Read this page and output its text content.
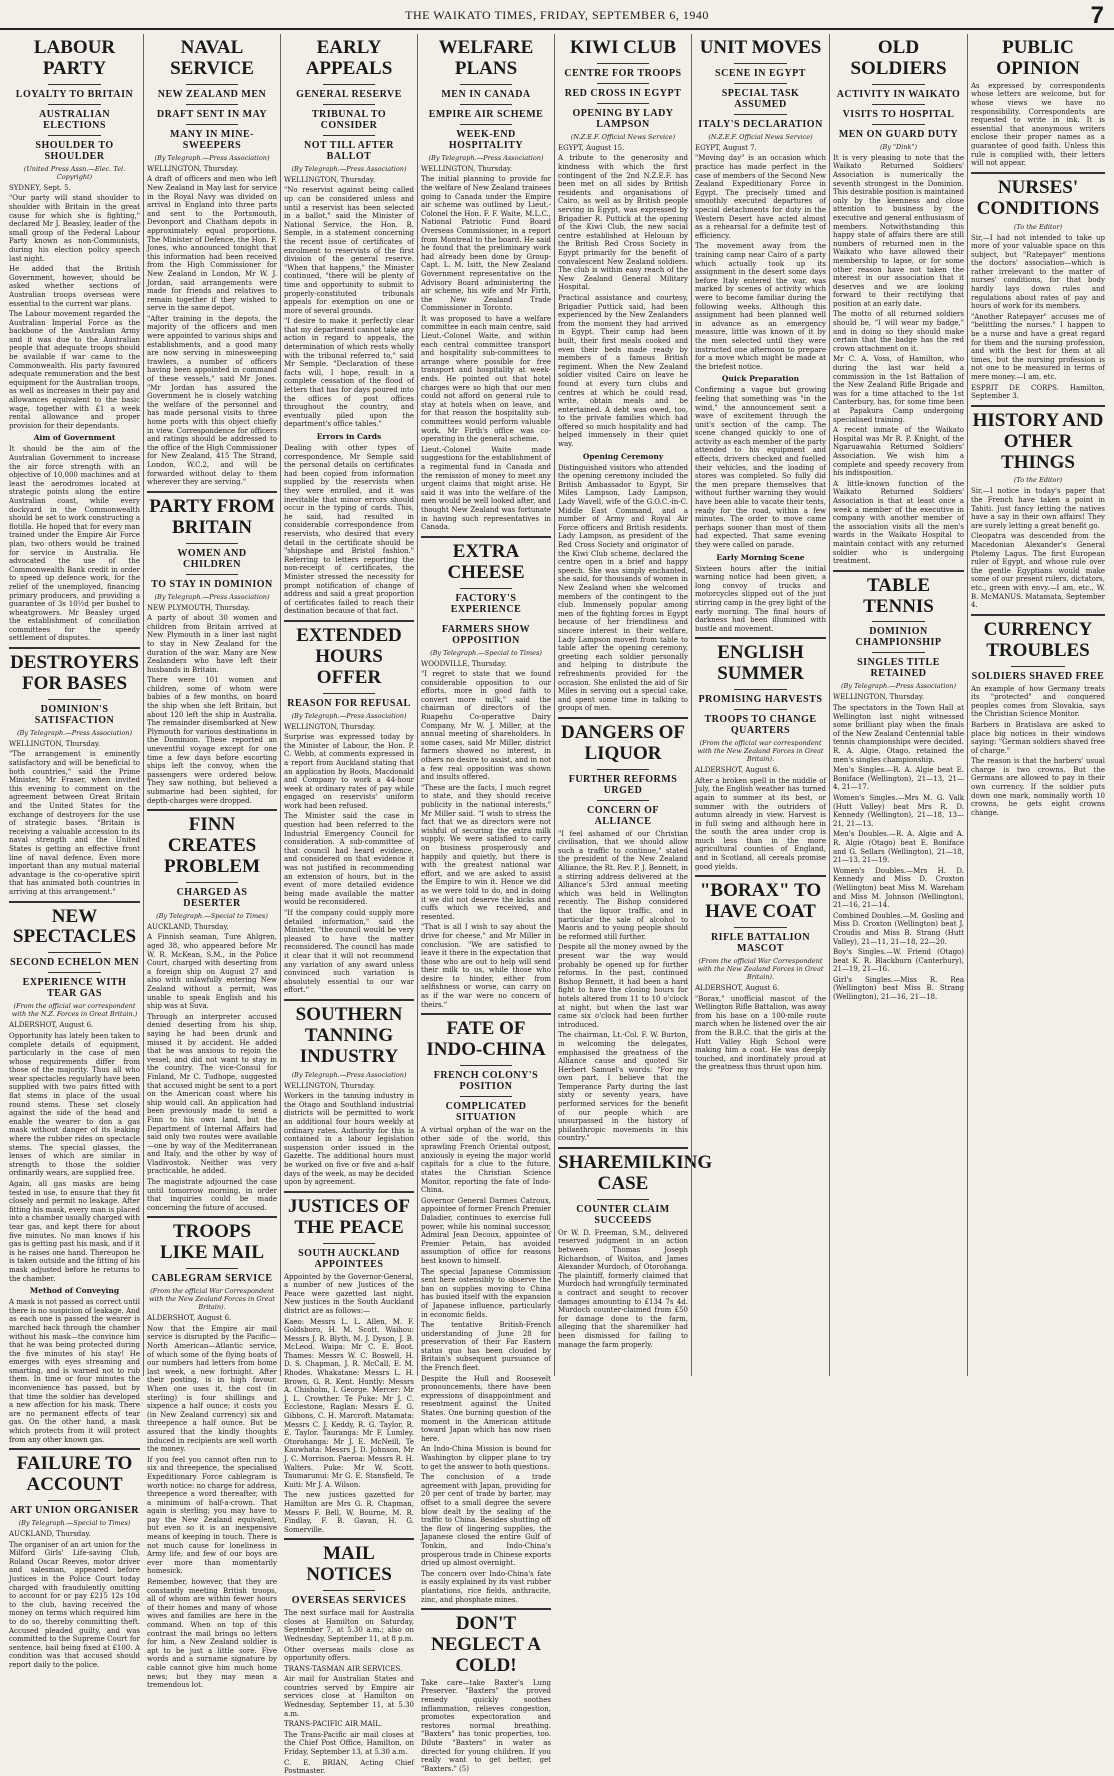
THE WAIKATO TIMES, FRIDAY, SEPTEMBER 6, 1940	7
LABOUR PARTY
LOYALTY TO BRITAIN
AUSTRALIAN ELECTIONS
SHOULDER TO SHOULDER
(United Press Assn.—Elec. Tel. Copyright)

SYDNEY, Sept. 5.

"Our party will stand shoulder to shoulder with Britain in the great cause for which she is fighting," declared Mr J. Beasley, leader of the small group of the Federal Labour Party known as non-Communists, during his election policy speech last night.

He added that the British Government, however, should be asked whether sections of Australian troops overseas were essential to the current war plans.

The Labour movement regarded the Australian Imperial Force as the backbone of the Australian Army and it was due to the Australian people that adequate troops should be available if war came to the Commonwealth. His party favoured adequate remuneration and the best equipment for the Australian troops, as well as increases in their pay and allowances equivalent to the basic wage, together with £1 a week rental allowance and proper provision for their dependants.

Aim of Government

It should be the aim of the Australian Government to increase the air force strength with an objective of 10,000 machines and at least the aerodromes located at strategic points along the entire Australian coast, while every dockyard in the Commonwealth should be set to work constructing a flotilla. He hoped that for every man trained under the Empire Air Force plan, two others would be trained for service in Australia. He advocated the use of the Commonwealth Bank credit in order to speed up defence work, for the relief of the unemployed, financing primary producers, and providing a guarantee of 3s 10½d per bushel to wheatgrowers. Mr Beasley urged the establishment of conciliation committees for the speedy settlement of disputes.

DESTROYERS FOR BASES
DOMINION'S SATISFACTION
(By Telegraph.—Press Association)

WELLINGTON, Thursday.

"The arrangement is eminently satisfactory and will be beneficial to both countries," said the Prime Minister, Mr Fraser, when invited this evening to comment on the agreement between Great Britain and the United States for the exchange of destroyers for the use of strategic bases. "Britain is receiving a valuable accession to its naval strength and the United States is getting an effective front line of naval defence. Even more important than any mutual material advantage is the co-operative spirit that has animated both countries in arriving at this arrangement."

NEW SPECTACLES
SECOND ECHELON MEN
EXPERIENCE WITH TEAR GAS
(From the official war correspondent with the N.Z. Forces in Great Britain.)

ALDERSHOT, August 6.

Opportunity has lately been taken to complete details of equipment, particularly in the case of men whose requirements differ from those of the majority. Thus all who wear spectacles regularly have been supplied with two pairs fitted with flat stems in place of the usual round stems. These set closely against the side of the head and enable the wearer to don a gas mask without danger of its leaking where the rubber rides on spectacle stems. The special glasses, the lenses of which are similar in strength to those the soldier ordinarily wears, are supplied free.

Again, all gas masks are being tested in use, to ensure that they fit closely and permit no leakage. After fitting his mask, every man is placed into a chamber usually charged with tear gas, and kept there for about five minutes. No man knows if his gas is getting past his mask, and if it is he raises one hand. Thereupon he is taken outside and the fitting of his mask adjusted before he returns to the chamber.

Method of Conveying

A mask is not passed as correct until there is no suspicion of leakage. And as each one is passed the wearer is marched back through the chamber without his mask—the convince him that he was being protected during the five minutes of his stay! He emerges with eyes streaming and smarting, and is warned not to rub them. In time or four minutes the inconvenience has passed, but by that time the soldier has developed a new affection for his mask. There are no permanent effects of tear gas. On the other hand, a mask which protects from it will protect from any other known gas.

FAILURE TO ACCOUNT
ART UNION ORGANISER
(By Telegraph.—Special to Times)

AUCKLAND, Thursday.

The organiser of an art union for the Milford Girls' Life-saving Club, Roland Oscar Reeves, motor driver and salesman, appeared before Justices in the Police Court today charged with fraudulently omitting to account for or pay £215 12s 10d to the club, having received the money on terms which required him to do so, thereby committing theft. Accused pleaded guilty, and was committed to the Supreme Court for sentence, bail being fixed at £100. A condition was that accused should report daily to the police.

NAVAL SERVICE
NEW ZEALAND MEN
DRAFT SENT IN MAY
MANY IN MINE-SWEEPERS
(By Telegraph.—Press Association)

WELLINGTON, Thursday.

A draft of officers and men who left New Zealand in May last for service in the Royal Navy was divided on arrival in England into three parts and sent to the Portsmouth, Devonport and Chatham depots in approximately equal proportions. The Minister of Defence, the Hon. F. Jones, who announced tonight that this information had been received from the High Commissioner for New Zealand in London, Mr W. J. Jordan, said arrangements were made for friends and relatives to remain together if they wished to serve in the same depot.

"After training in the depots, the majority of the officers and men were appointed to various ships and establishments, and a good many are now serving in minesweeping trawlers, a number of officers having been appointed in command of these vessels," said Mr Jones. "Mr Jordan has assured the Government he is closely watching the welfare of the personnel and has made personal visits to three home ports with this object chiefly in view. Correspondence for officers and ratings should be addressed to the office of the High Commissioner for New Zealand, 415 The Strand, London, W.C.2, and will be forwarded without delay to them wherever they are serving."

PARTY FROM BRITAIN
WOMEN AND CHILDREN
TO STAY IN DOMINION
(By Telegraph.—Press Association)

NEW PLYMOUTH, Thursday.

A party of about 30 women and children from Britain arrived at New Plymouth in a liner last night to stay in New Zealand for the duration of the war. Many are New Zealanders who have left their husbands in Britain.

There were 101 women and children, some of whom were babies of a few months, on board the ship when she left Britain, but about 120 left the ship in Australia. The remainder disembarked at New Plymouth for various destinations in the Dominion. These reported an uneventful voyage except for one time a few days before escorting ships left the convoy, when the passengers were ordered below. They saw nothing, but believed a submarine had been sighted, for depth-charges were dropped.

FINN CREATES PROBLEM
CHARGED AS DESERTER
(By Telegraph.—Special to Times)

AUCKLAND, Thursday.

A Finnish seaman, Ture Ahlgren, aged 38, who appeared before Mr W. R. McKean, S.M., in the Police Court, charged with deserting from a foreign ship on August 27 and also with unlawfully entering New Zealand without a permit, was unable to speak English and his ship was at Suva.

Through an interpreter accused denied deserting from his ship, saying he had been drunk and missed it by accident. He added that he was anxious to rejoin the vessel, and did not want to stay in the country. The vice-Consul for Finland, Mr C. Tudhope, suggested that accused might be sent to a port on the American coast where his ship would call. An application had been previously made to send a Finn to his own land, but the Department of Internal Affairs had said only two routes were available—one by way of the Mediterranean and Italy, and the other by way of Vladivostok. Neither was very practicable, he added.

The magistrate adjourned the case until tomorrow morning, in order that inquiries could be made concerning the future of accused.

TROOPS LIKE MAIL
CABLEGRAM SERVICE
(From the official War Correspondent with the New Zealand Forces in Great Britain).

ALDERSHOT, August 6.

Now that the Empire air mail service is disrupted by the Pacific—North American—Atlantic service, of which some of the flying boats of our numbers had letters from home last week, a new fortnight. After their posting, is in high favour. When one uses it, the cost (in sterling) is four shillings and sixpence a half ounce; it costs you (in New Zealand currency) six and threepence a half ounce. But be assured that the kindly thoughts induced in recipients are well worth the money.

If you feel you cannot often run to six and threepence, the specialised Expeditionary Force cablegram is worth notice: no charge for address, threepence a word thereafter, with a minimum of half-a-crown. That again is sterling; you may have to pay the New Zealand equivalent, but even so it is an inexpensive means of keeping in touch. There is not much cause for loneliness in Army life, and few of our boys are ever more than momentarily homesick.

Remember, however, that they are constantly meeting British troops, all of whom are within fewer hours of their homes and many of whose wives and families are here in the command. When on top of this contrast the mail brings no letters for him, a New Zealand soldier is apt to be just a little sore. Five words and a surname signature by cable cannot give him much home news; but they may mean a tremendous lot.

EARLY APPEALS
GENERAL RESERVE
TRIBUNAL TO CONSIDER
NOT TILL AFTER BALLOT
(By Telegraph.—Press Association)

WELLINGTON, Thursday.

"No reservist against being called up can be considered unless and until a reservist has been selected in a ballot," said the Minister of National Service, the Hon. R. Semple, in a statement concerning the recent issue of certificates of enrolment to reservists of the first division of the general reserve. "When that happens," the Minister continued, "there will be plenty of time and opportunity to submit to properly-constituted tribunals appeals for exemption on one or more of several grounds.

"I desire to make it perfectly clear that my department cannot take any action in regard to appeals, the determination of which rests wholly with the tribunal referred to," said Mr Semple. "Declaration of these facts will, I hope, result in a complete cessation of the flood of letters that has for days poured into the offices of post offices throughout the country, and eventually piled upon the department's office tables."

Errors in Cards

Dealing with other types of correspondence, Mr Semple said the personal details on certificates had been copied from information supplied by the reservists when they were enrolled, and it was inevitable that minor errors should occur in the typing of cards. This, he said, had resulted in considerable correspondence from reservists, who desired that every detail in the certificate should be "shipshape and Bristol fashion." Referring to letters reporting the non-receipt of certificates, the Minister stressed the necessity for prompt notification of change of address and said a great proportion of certificates failed to reach their destination because of that fact.

EXTENDED HOURS OFFER
REASON FOR REFUSAL
(By Telegraph.—Press Association)

WELLINGTON, Thursday.

Surprise was expressed today by the Minister of Labour, the Hon. P. C. Webb, at comments expressed in a report from Auckland stating that an application by Boots, Macdonald and Company to work a 44-hour week at ordinary rates of pay while engaged on reservists' uniform work had been refused.

The Minister said the case in question had been referred to the Industrial Emergency Council for consideration. A sub-committee of that council had heard evidence, and considered on that evidence it was not justified in recommending an extension of hours, but in the event of more detailed evidence being made available the matter would be reconsidered.

"If the company could supply more detailed information," said the Minister, "the council would be very pleased to have the matter reconsidered. The council has made it clear that it will not recommend any variation of any award unless convinced such variation is absolutely essential to our war effort."

SOUTHERN TANNING INDUSTRY
(By Telegraph.—Press Association)

WELLINGTON, Thursday.

Workers in the tanning industry in the Otago and Southland industrial districts will be permitted to work an additional four hours weekly at ordinary rates. Authority for this is contained in a labour legislation suspension order issued in the Gazette. The additional hours must be worked on five or five and a-half days of the week, as may be decided upon by agreement.

JUSTICES OF THE PEACE
SOUTH AUCKLAND APPOINTEES

Appointed by the Governor-General, a number of new Justices of the Peace were gazetted last night. New justices in the South Auckland district are as follows:—

Kaeo: Messrs L. L. Allen, M. F. Goldsboro, H. M. Scott. Waihou: Messrs J. R. Blyth, M. J. Dyson, J. B. McLeod. Waipa: Mr C. E. Boot. Thames: Messrs W. C. Boswell, H. D. S. Chapman, J. R. McCall, E. M. Rhodes. Whakatane: Messrs L. H. Brown, G. R. Kent. Huntly: Messrs A. Chisholm, I. George. Mercer: Mr J. L. Crowther. Te Puke: Mr J. C. Ecclestone, Raglan: Messrs E. G. Gibbons, C. H. Marcroft. Matamata: Messrs C. J. Keddy, R. G. Taylor, R. E. Taylor. Tauranga: Mr F. Lumley. Otorohanga: Mr J. E. McNeill, Te Kauwhata: Messrs J. D. Johnson, Mr J. C. Morrison. Paeroa: Messrs R. H. Walters. Puke: Mr W. Scott. Taumarunui: Mr G. E. Stansfield, Te Kuiti: Mr J. A. Wilson.

The new justices gazetted for Hamilton are Mrs G. R. Chapman, Messrs F. Bell, W. Bourne, M. R. Findlay, F. B. Gavan, H. G. Somerville.

MAIL NOTICES
OVERSEAS SERVICES

The next surface mail for Australia closes at Hamilton on Saturday, September 7, at 5.30 a.m.; also on Wednesday, September 11, at 8 p.m.

Other overseas mails close as opportunity offers.

TRANS-TASMAN AIR SERVICES.

Air mail for Australian States and countries served by Empire air services close at Hamilton on Wednesday, September 11, at 5.30 a.m.

TRANS-PACIFIC AIR MAIL.

The Trans-Pacific air mail closes at the Chief Post Office, Hamilton, on Friday, September 13, at 5.30 a.m.

C. E. BRIAN, Acting Chief Postmaster.

WELFARE PLANS
MEN IN CANADA
EMPIRE AIR SCHEME
WEEK-END HOSPITALITY
(By Telegraph.—Press Association)

WELLINGTON, Thursday.

The initial planning to provide for the welfare of New Zealand trainees going to Canada under the Empire air scheme was outlined by Lieut.-Colonel the Hon. F. F. Waite, M.L.C., National Patriotic Fund Board Overseas Commissioner, in a report from Montreal to the board. He said he found that the preliminary work had already been done by Group-Capt. L. M. Isitt, the New Zealand Government representative on the Advisory Board administering the air scheme, his wife and Mr Firth, the New Zealand Trade Commissioner in Toronto.

It was proposed to have a welfare committee in each main centre, said Lieut.-Colonel Waite, and within each central committee transport and hospitality sub-committees to arrange where possible for free transport and hospitality at week-ends. He pointed out that hotel charges were so high that our men could not afford on general rule to stay at hotels when on leave, and for that reason the hospitality sub-committees would perform valuable work. Mr Firth's office was co-operating in the general scheme.

Lieut.-Colonel Waite made suggestions for the establishment of a regimental fund in Canada and the remission of money to meet any urgent claims that might arise. He said it was into the welfare of the men would be well looked after, and thought New Zealand was fortunate in having such representatives in Canada.

EXTRA CHEESE
FACTORY'S EXPERIENCE
FARMERS SHOW OPPOSITION
(By Telegraph.—Special to Times)

WOODVILLE, Thursday.

"I regret to state that we found considerable opposition to our efforts, more in good faith to convert more milk," said the chairman of directors of the Ruapehu Co-operative Dairy Company, Mr W. J. Miller, at the annual meeting of shareholders. In some cases, said Mr Miller, district farmers showed no interest, in others no desire to assist, and in not a few real opposition was shown and insults offered.

"These are the facts, I much regret to state, and they should receive publicity in the national interests," Mr Miller said. "I wish to stress the fact that we as directors were not wishful of securing the extra milk supply. We were satisfied to carry on business prosperously and happily and quietly, but there is with the greatest national war effort, and we are asked to assist the Empire to win it. Hence we did as we were told to do, and in doing it we did not deserve the kicks and cuffs which we received, and resented.

"That is all I wish to say about the drive for cheese," and Mr Miller in conclusion. "We are satisfied to leave it there in the expectation that those who are out to help will send their milk to us, while those who desire to hinder, either from selfishness or worse, can carry on as if the war were no concern of theirs."

FATE OF INDO-CHINA
FRENCH COLONY'S POSITION
COMPLICATED SITUATION

A virtual orphan of the war on the other side of the world, this sprawling French Oriental outpost, anxiously is eyeing the major world capitals for a clue to the future, states the Christian Science Monitor, reporting the fate of Indo-China.

Governor General Darmes Catroux, appointee of former French Premier Daladier, continues to exercise full power, while his nominal successor, Admiral Jean Decoux, appointee of Premier Petain, has avoided assumption of office for reasons best known to himself.

The special Japanese Commission sent here ostensibly to observe the ban on supplies moving to China has busied itself with the expansion of Japanese influence, particularly in economic fields.

The tentative British-French understanding of June 28 for preservation of their Far Eastern status quo has been clouded by Britain's subsequent pursuance of the French fleet.

Despite the Hull and Roosevelt pronouncements, there have been expressions of disappointment and resentment against the United States. One burning question of the moment in the American attitude toward Japan which has now risen here.

An Indo-China Mission is bound for Washington by clipper plane to try to get the answer to both questions.

The conclusion of a trade agreement with Japan, providing for 20 per cent of trade by barter, may offset to a small degree the severe blow dealt by the sealing of the traffic to China. Besides shutting off the flow of lingering supplies, the Japanese closed the entire Gulf of Tonkin, and Indo-China's prosperous trade in Chinese exports dried up almost overnight.

The concern over Indo-China's fate is easily explained by its vast rubber plantations, rice fields, anthracite, zinc, and phosphate mines.

DON'T NEGLECT A COLD!

Take care—take Baxter's Lung Preserver. "Baxters" the proved remedy quickly soothes inflammation, relieves congestion, promotes expectoration and restores normal breathing. "Baxters" has tonic properties, too. Dilute "Baxters" in water as directed for young children. If you really want to get better, get "Baxters." (5)

KIWI CLUB
CENTRE FOR TROOPS
RED CROSS IN EGYPT
OPENING BY LADY LAMPSON
(N.Z.E.F. Official News Service)

EGYPT, August 15.

A tribute to the generosity and kindness with which the first contingent of the 2nd N.Z.E.F. has been met on all sides by British residents and organisations of Cairo, as well as by British people serving in Egypt, was expressed by Brigadier R. Puttick at the opening of the Kiwi Club, the new social centre established at Helouan by the British Red Cross Society in Egypt primarily for the benefit of convalescent New Zealand soldiers. The club is within easy reach of the New Zealand General Military Hospital.

Practical assistance and courtesy, Brigadier Puttick said, had been experienced by the New Zealanders from the moment they had arrived in Egypt. Their camp had been built, their first meals cooked and even their beds made ready by members of a famous British regiment. When the New Zealand soldier visited Cairo on leave he found at every turn clubs and centres at which he could read, write, obtain meals and be entertained. A debt was owed, too, to the private families which had offered so much hospitality and had helped immensely in their quiet way.

Opening Ceremony

Distinguished visitors who attended the opening ceremony included the British Ambassador to Egypt, Sir Miles Lampson, Lady Lampson, Lady Wavell, wife of the G.O.C.-in-C. Middle East Command, and a number of Army and Royal Air Force officers and British residents. Lady Lampson, as president of the Red Cross Society and originator of the Kiwi Club scheme, declared the centre open in a brief and happy speech. She was simply enchanted, she said, for thousands of women in New Zealand when she welcomed members of the contingent to the club. Immensely popular among men of the fighting forces in Egypt because of her friendliness and sincere interest in their welfare, Lady Lampson moved from table to table after the opening ceremony, greeting each soldier personally and helping to distribute the refreshments provided for the occasion. She enlisted the aid of Sir Miles in serving out a special cake, and spent some time in talking to groups of men.

DANGERS OF LIQUOR
FURTHER REFORMS URGED
CONCERN OF ALLIANCE

"I feel ashamed of our Christian civilisation, that we should allow such a traffic to continue," stated the president of the New Zealand Alliance, the Rt. Rev. P. J. Bennett, in a stirring address delivered at the Alliance's 53rd annual meeting which was held in Wellington recently. The Bishop considered that the liquor traffic, and in particular the sale of alcohol to Maoris and to young people should be reformed still further.

Despite all the money owned by the present war the way would probably be opened up for further reforms. In the past, continued Bishop Bennett, it had been a hard fight to have the closing hours for hotels altered from 11 to 10 o'clock at night, but when the last war came six o'clock had been further introduced.

The chairman, Lt.-Col. F. W. Burton, in welcoming the delegates, emphasised the greatness of the Alliance cause and quoted Sir Herbert Samuel's words: "For my own part, I believe that the Temperance Party during the last sixty or seventy years, have performed services for the benefit of our people which are unsurpassed in the history of philanthropic movements in this country."

SHAREMILKING CASE
COUNTER CLAIM SUCCEEDS

Or W. D. Freeman, S.M., delivered reserved judgment in an action between Thomas Joseph Richardson, of Waitoa, and James Alexander Murdoch, of Otorohanga. The plaintiff, formerly claimed that Murdoch had wrongfully terminated a contract and sought to recover damages amounting to £134 7s 4d. Murdoch counter-claimed from £50 for damage done to the farm, alleging that the sharemilker had been dismissed for failing to manage the farm properly.

UNIT MOVES
SCENE IN EGYPT
SPECIAL TASK ASSUMED
ITALY'S DECLARATION
(N.Z.E.F. Official News Service)

EGYPT, August 7.

"Moving day" is an occasion which practice has made perfect in the case of members of the Second New Zealand Expeditionary Force in Egypt. The precisely timed and smoothly executed departures of special detachments for duty in the Western Desert have acted almost as a rehearsal for a definite test of efficiency.

The movement away from the training camp near Cairo of a party which actually took up its assignment in the desert some days before Italy entered the war, was marked by scenes of activity which were to become familiar during the following weeks. Although this assignment had been planned well in advance as an emergency measure, little was known of it by the men selected until they were instructed one afternoon to prepare for a move which might be made at the briefest notice.

Quick Preparation

Confirming a vague but growing feeling that something was "in the wind," the announcement sent a wave of excitement through the unit's section of the camp. The scene changed quickly to one of activity as each member of the party attended to his equipment and effects, drivers checked and fuelled their vehicles, and the loading of stores was completed. So fully did the men prepare themselves that without further warning they would have been able to vacate their tents, ready for the road, within a few minutes. The order to move came perhaps sooner than most of them had expected. That same evening they were called on parade.

Early Morning Scene

Sixteen hours after the initial warning notice had been given, a long convoy of trucks and motorcycles slipped out of the just stirring camp in the grey light of the early morning. The final hours of darkness had been illumined with bustle and movement.

ENGLISH SUMMER
PROMISING HARVESTS
TROOPS TO CHANGE QUARTERS
(From the official war correspondent with the New Zealand Forces in Great Britain).

ALDERSHOT, August 6.

After a broken spell in the middle of July, the English weather has turned again to summer at its best, or summer with the outriders of autumn already in view. Harvest is in full swing and although here in the south the area under crop is much less than in the more agricultural counties of England, and in Scotland, all cereals promise good yields.

"BORAX" TO HAVE COAT
RIFLE BATTALION MASCOT
(From the official War Correspondent with the New Zealand Forces in Great Britain).

ALDERSHOT, August 6.

"Borax," unofficial mascot of the Wellington Rifle Battalion, was away from his base on a 100-mile route march when he listened over the air from the B.B.C. that the girls at the Hutt Valley High School were making him a coat. He was deeply touched, and inordinately proud at the greatness thus thrust upon him.

OLD SOLDIERS
ACTIVITY IN WAIKATO
VISITS TO HOSPITAL
MEN ON GUARD DUTY
(By "Dink")

It is very pleasing to note that the Waikato Returned Soldiers' Association is numerically the seventh strongest in the Dominion. This desirable position is maintained only by the keenness and close attention to business by the executive and general enthusiasm of members. Notwithstanding this happy state of affairs there are still numbers of returned men in the Waikato who have allowed their membership to lapse, or for some other reason have not taken the interest in our association that it deserves and we are looking forward to their rectifying that position at an early date.

The motto of all returned soldiers should be, "I will wear my badge," and in doing so they should make certain that the badge has the red crown attachment on it.

Mr C. A. Voss, of Hamilton, who during the last war held a commission in the 1st Battalion of the New Zealand Rifle Brigade and was for a time attached to the 1st Canterbury, has, for some time been at Papakura Camp undergoing specialised training.

A recent inmate of the Waikato Hospital was Mr R. P. Knight, of the Ngaruawahia Returned Soldiers' Association. We wish him a complete and speedy recovery from his indisposition.

A little-known function of the Waikato Returned Soldiers' Association is that at least once a week a member of the executive in company with another member of the association visits all the men's wards in the Waikato Hospital to maintain contact with any returned soldier who is undergoing treatment.

TABLE TENNIS
DOMINION CHAMPIONSHIP
SINGLES TITLE RETAINED
(By Telegraph.—Press Association)

WELLINGTON, Thursday.

The spectators in the Town Hall at Wellington last night witnessed some brilliant play when the finals of the New Zealand Centennial table tennis championships were decided. R. A. Algie, Otago, retained the men's singles championship.

Men's Singles.—R. A. Algie beat E. Boniface (Wellington), 21—13, 21—4, 21—17.

Women's Singles.—Mrs M. G. Valk (Hutt Valley) beat Mrs R. D. Kennedy (Wellington), 21—18, 13—21, 21—13.

Men's Doubles.—R. A. Algie and A. R. Algie (Otago) beat E. Boniface and G. Sellars (Wellington), 21—18, 21—13, 21—19.

Women's Doubles.—Mrs H. D. Kennedy and Miss D. Croxton (Wellington) beat Miss M. Wareham and Miss M. Johnson (Wellington), 21—16, 21—14.

Combined Doubles.—M. Gosling and Miss D. Croxton (Wellington) beat J. Croudis and Miss B. Strang (Hutt Valley), 21—11, 21—18, 22—20.

Boy's Singles.—W. Friend (Otago) beat K. R. Blackburn (Canterbury), 21—19, 21—16.

Girl's Singles.—Miss R. Rea (Wellington) beat Miss B. Strang (Wellington), 21—16, 21—18.

PUBLIC OPINION

As expressed by correspondents whose letters are welcome, but for whose views we have no responsibility. Correspondents are requested to write in ink. It is essential that anonymous writers enclose their proper names as a guarantee of good faith. Unless this rule is complied with, their letters will not appear.

NURSES' CONDITIONS
(To the Editor)

Sir,—I had not intended to take up more of your valuable space on this subject, but "Ratepayer" mentions the doctors' association—which is rather irrelevant to the matter of nurses' conditions, for that body hardly lays down rules and regulations about rates of pay and hours of work for its members.

"Another Ratepayer" accuses me of "belittling the nurses." I happen to be a nurse and have a great regard for them and the nursing profession, and with the best for them at all times, but the nursing profession is not one to be measured in terms of mere money.—I am, etc.

ESPRIT DE CORPS. Hamilton, September 3.

HISTORY AND OTHER THINGS
(To the Editor)

Sir,—I notice in today's paper that the French have taken a point in Tahiti. Just fancy letting the natives have a say in their own affairs! They are surely letting a great benefit go.

Cleopatra was descended from the Macedonian Alexander's General Ptolemy Lagus. The first European ruler of Egypt, and whose rule over the gentle Egyptians would make some of our present rulers, dictators, etc., green with envy.—I am, etc., W. B. McMANUS. Matamata, September 4.

CURRENCY TROUBLES
SOLDIERS SHAVED FREE

An example of how Germany treats its "protected" and conquered peoples comes from Slovakia, says the Christian Science Monitor.

Barbers in Bratislava are asked to place big notices in their windows saying: "German soldiers shaved free of charge."

The reason is that the barbers' usual charge is two crowns. But the Germans are allowed to pay in their own currency. If the soldier puts down one mark, nominally worth 10 crowns, he gets eight crowns change.
